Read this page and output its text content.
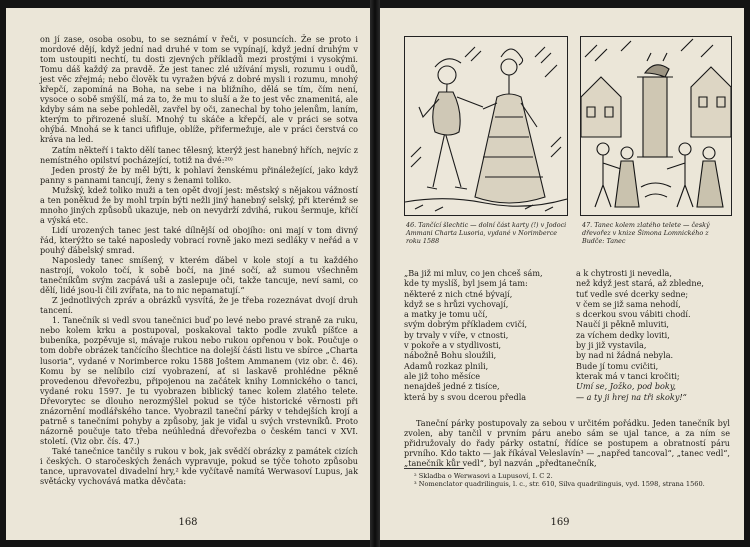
on jí zase, osoba osobu, to se seznámí v řeči, v posuncích. Že se proto i mordové dějí, když jední nad druhé v tom se vypínají, když jední druhým v tom ustoupiti nechtí, tu dosti zjevných příkladů mezi prostými i vysokými. Tomu dáš každý za pravdě. Že jest tanec zlé užívání mysli, rozumu i oudů, jest věc zřejmá; nebo člověk tu vyražen bývá z dobré mysli i rozumu, mnohý křepčí, zapomíná na Boha, na sebe i na bližního, dělá se tím, čím není, vysoce o sobě smýšlí, má za to, že mu to sluší a že to jest věc znamenitá, ale kdyby sám na sebe pohleděl, zavřel by oči, zanechal by toho jelenům, laním, kterým to přirozené sluší. Mnohý tu skáče a křepčí, ale v práci se sotva ohýbá. Mnohá se k tanci ufifluje, oblíže, přifermežuje, ale v práci čerstvá co kráva na led.

Zatím někteří i takto dělí tanec tělesný, kterýž jest hanebný hřích, nejvíc z nemístného opilství pocházející, totiž na dvé:²⁰⁾

Jeden prostý že by měl býti, k pohlaví ženskému přináležející, jako když panny s pannami tancují, ženy s ženami toliko.

Mužský, kdež toliko muži a ten opět dvojí jest: městský s nějakou vážností a ten poněkud že by mohl trpín býti nežli jiný hanebný selský, při kterémž se mnoho jiných způsobů ukazuje, neb on nevydrží zdvihá, rukou šermuje, křičí a výská etc.

Lidí urozených tanec jest také dílnější od obojího: oni mají v tom divný řád, kterýžto se také naposledy vobrací rovně jako mezi sedláky v neřád a v pouhý ďábelský smrad.

Naposledy tanec smíšený, v kterém ďábel v kole stojí a tu každého nastrojí, vokolo točí, k sobě bočí, na jiné sočí, až sumou všechněm tanečníkům svým zacpává uši a zaslepuje oči, takže tancuje, neví sami, co dělí, lidé jsou-li čili zvířata, na to nic nepamatují.“

Z jednotlivých zpráv a obrázků vysvítá, že je třeba rozeznávat dvojí druh tancení.

1. Tanečník si vedl svou tanečnici buď po levé nebo pravé straně za ruku, nebo kolem krku a postupoval, poskakoval takto podle zvuků píšťce a bubeníka, pozpěvuje si, mávaje rukou nebo rukou opřenou v bok. Poučuje o tom dobře obrázek tančícího šlechtice na dolejší části listu ve sbírce „Charta lusoria“, vydané v Norimberce roku 1588 Joštem Ammanem (viz obr. č. 46). Komu by se nelíbilo cizí vyobrazení, ať si laskavě prohlédne pěkně provedenou dřevořezbu, připojenou na začátek knihy Lomnického o tanci, vydané roku 1597. Je tu vyobrazen biblický tanec kolem zlatého telete. Dřevorytec se dlouho nerozmýšlel pokud se týče historické věrnosti při znázornění modlářského tance. Vyobrazil taneční párky v tehdejších krojí a patrně s tanečními pohyby a způsoby, jak je viďal u svých vrstevníků. Proto názorně poučuje tato třeba neúhledná dřevořezba o českém tanci v XVI. století. (Viz obr. čís. 47.)

Také tanečnice tančily s rukou v bok, jak svědčí obrázky z památek cizích i českých. O staročeských ženách vypravuje, pokud se týče tohoto způsobu tance, upravovatel divadelní hry,² kde vyčítavě namítá Werwasoví Lupus, jak světácky vychovává matka děvčata:

168
46. Tančící šlechtic — dolní část karty (!) v Jodoci Ammani Charta Lusoria, vydané v Norimberce roku 1588
47. Tanec kolem zlatého telete — český dřevořez v knize Šimona Lomnického z Budče: Tanec
„Ba již mi mluv, co jen chceš sám,
kde ty myslíš, byl jsem já tam:
některé z nich ctné bývají,
když se s hrůzi vychovají,
a matky je tomu učí,
svým dobrým příkladem cvičí,
by trvaly v víře, v ctnosti,
v pokoře a v stydlivosti,
nábožně Bohu sloužili,
Adamů rozkaz plnili,
ale již toho měsíce
nenajdeš jedné z tisíce,
která by s svou dcerou předla
a k chytrosti ji nevedla,
než když jest stará, až zbledne,
tuť vedle své dcerky sedne;
v čem se již sama nehodí,
s dcerkou svou vábiti chodí.
Naučí ji pěkně mluviti,
za víchem dedky loviti,
by ji již vystavila,
by nad ni žádná nebyla.
Bude jí tomu cvičiti,
kterak má v tanci kročiti;
Umí se, Jožko, pod boky,
— a ty ji hrej na tři skoky!“

Taneční párky postupovaly za sebou v určitém pořádku. Jeden tanečník byl zvolen, aby tančil v prvním páru anebo sám se ujal tance, a za ním se přidružovaly do řady párky ostatní, řídíce se postupem a obratností páru prvního. Kdo takto — jak říkával Veleslavín³ — „napřed tancoval“, „tanec vedl“, „tanečník kůr vedl“, byl nazván „předtanečník,

² Skladba o Werwasovi a Lupusoví, I. C 2.

³ Nomenclator quadrilinguis, l. c., str. 610, Silva quadrilinguis, vyd. 1598, strana 1560.

169
